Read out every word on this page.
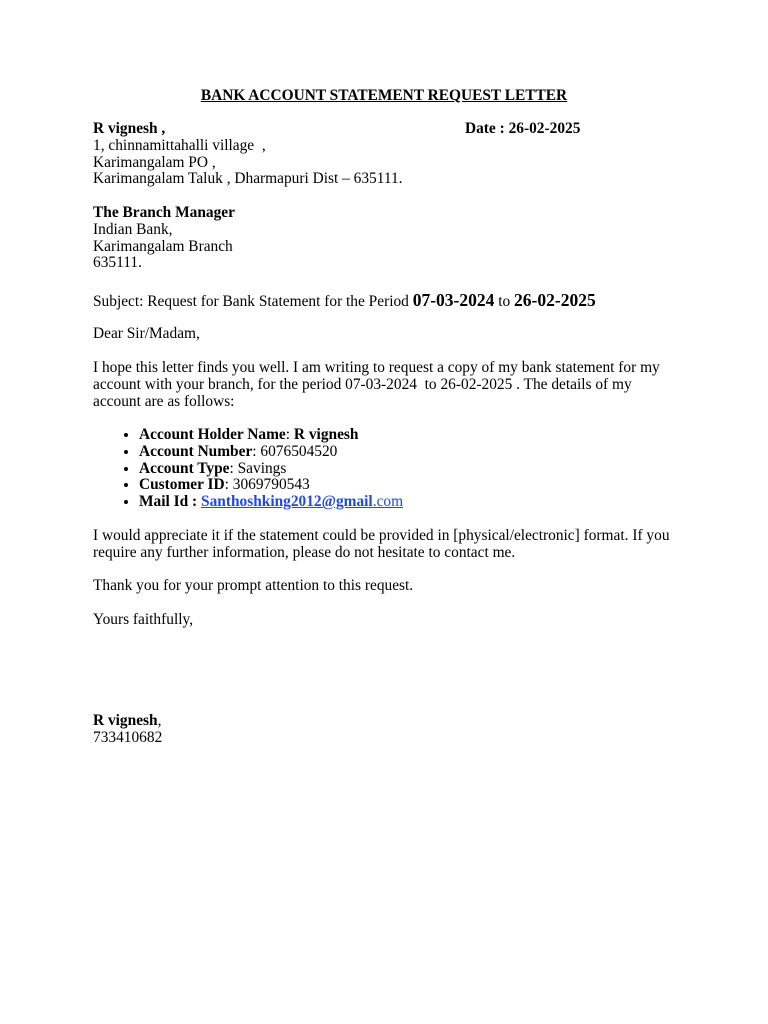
BANK ACCOUNT STATEMENT REQUEST LETTER
R vignesh ,
1, chinnamittahalli village  ,
Karimangalam PO ,
Karimangalam Taluk , Dharmapuri Dist – 635111.
Date : 26-02-2025
The Branch Manager
Indian Bank,
Karimangalam Branch
635111.
Subject: Request for Bank Statement for the Period 07-03-2024 to 26-02-2025
Dear Sir/Madam,
I hope this letter finds you well. I am writing to request a copy of my bank statement for my
account with your branch, for the period 07-03-2024  to 26-02-2025 . The details of my
account are as follows:
• Account Holder Name: R vignesh
• Account Number: 6076504520
• Account Type: Savings
• Customer ID: 3069790543
• Mail Id : Santhoshking2012@gmail.com
I would appreciate it if the statement could be provided in [physical/electronic] format. If you
require any further information, please do not hesitate to contact me.
Thank you for your prompt attention to this request.
Yours faithfully,
R vignesh,
733410682
